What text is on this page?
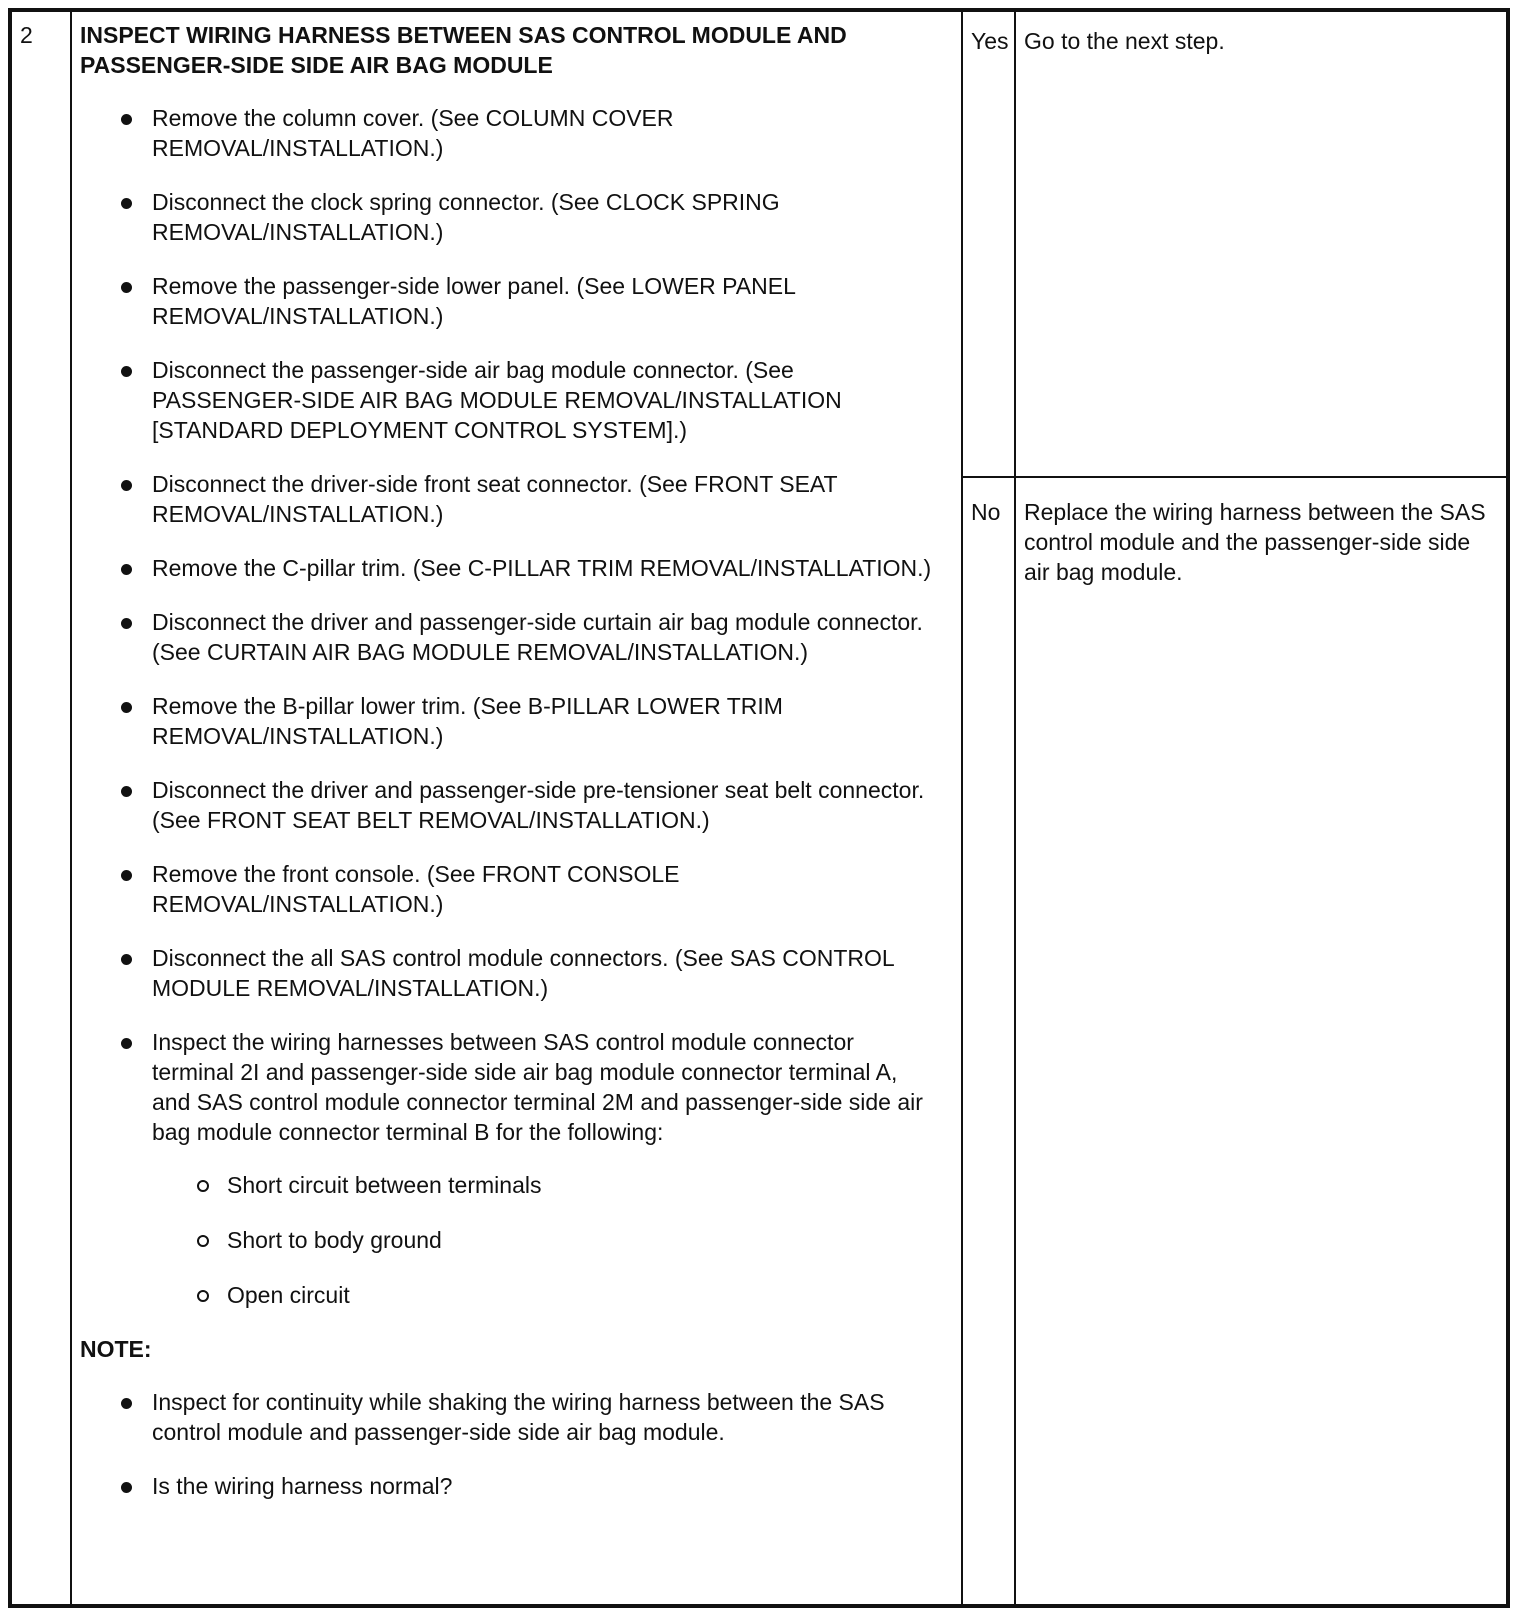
2 INSPECT WIRING HARNESS BETWEEN SAS CONTROL MODULE AND PASSENGER-SIDE SIDE AIR BAG MODULE
Remove the column cover. (See COLUMN COVER REMOVAL/INSTALLATION.)
Disconnect the clock spring connector. (See CLOCK SPRING REMOVAL/INSTALLATION.)
Remove the passenger-side lower panel. (See LOWER PANEL REMOVAL/INSTALLATION.)
Disconnect the passenger-side air bag module connector. (See PASSENGER-SIDE AIR BAG MODULE REMOVAL/INSTALLATION [STANDARD DEPLOYMENT CONTROL SYSTEM].)
Disconnect the driver-side front seat connector. (See FRONT SEAT REMOVAL/INSTALLATION.)
Remove the C-pillar trim. (See C-PILLAR TRIM REMOVAL/INSTALLATION.)
Disconnect the driver and passenger-side curtain air bag module connector. (See CURTAIN AIR BAG MODULE REMOVAL/INSTALLATION.)
Remove the B-pillar lower trim. (See B-PILLAR LOWER TRIM REMOVAL/INSTALLATION.)
Disconnect the driver and passenger-side pre-tensioner seat belt connector. (See FRONT SEAT BELT REMOVAL/INSTALLATION.)
Remove the front console. (See FRONT CONSOLE REMOVAL/INSTALLATION.)
Disconnect the all SAS control module connectors. (See SAS CONTROL MODULE REMOVAL/INSTALLATION.)
Inspect the wiring harnesses between SAS control module connector terminal 2I and passenger-side side air bag module connector terminal A, and SAS control module connector terminal 2M and passenger-side side air bag module connector terminal B for the following:
Short circuit between terminals
Short to body ground
Open circuit
NOTE:
Inspect for continuity while shaking the wiring harness between the SAS control module and passenger-side side air bag module.
Is the wiring harness normal?
Yes Go to the next step.
No Replace the wiring harness between the SAS control module and the passenger-side side air bag module.
